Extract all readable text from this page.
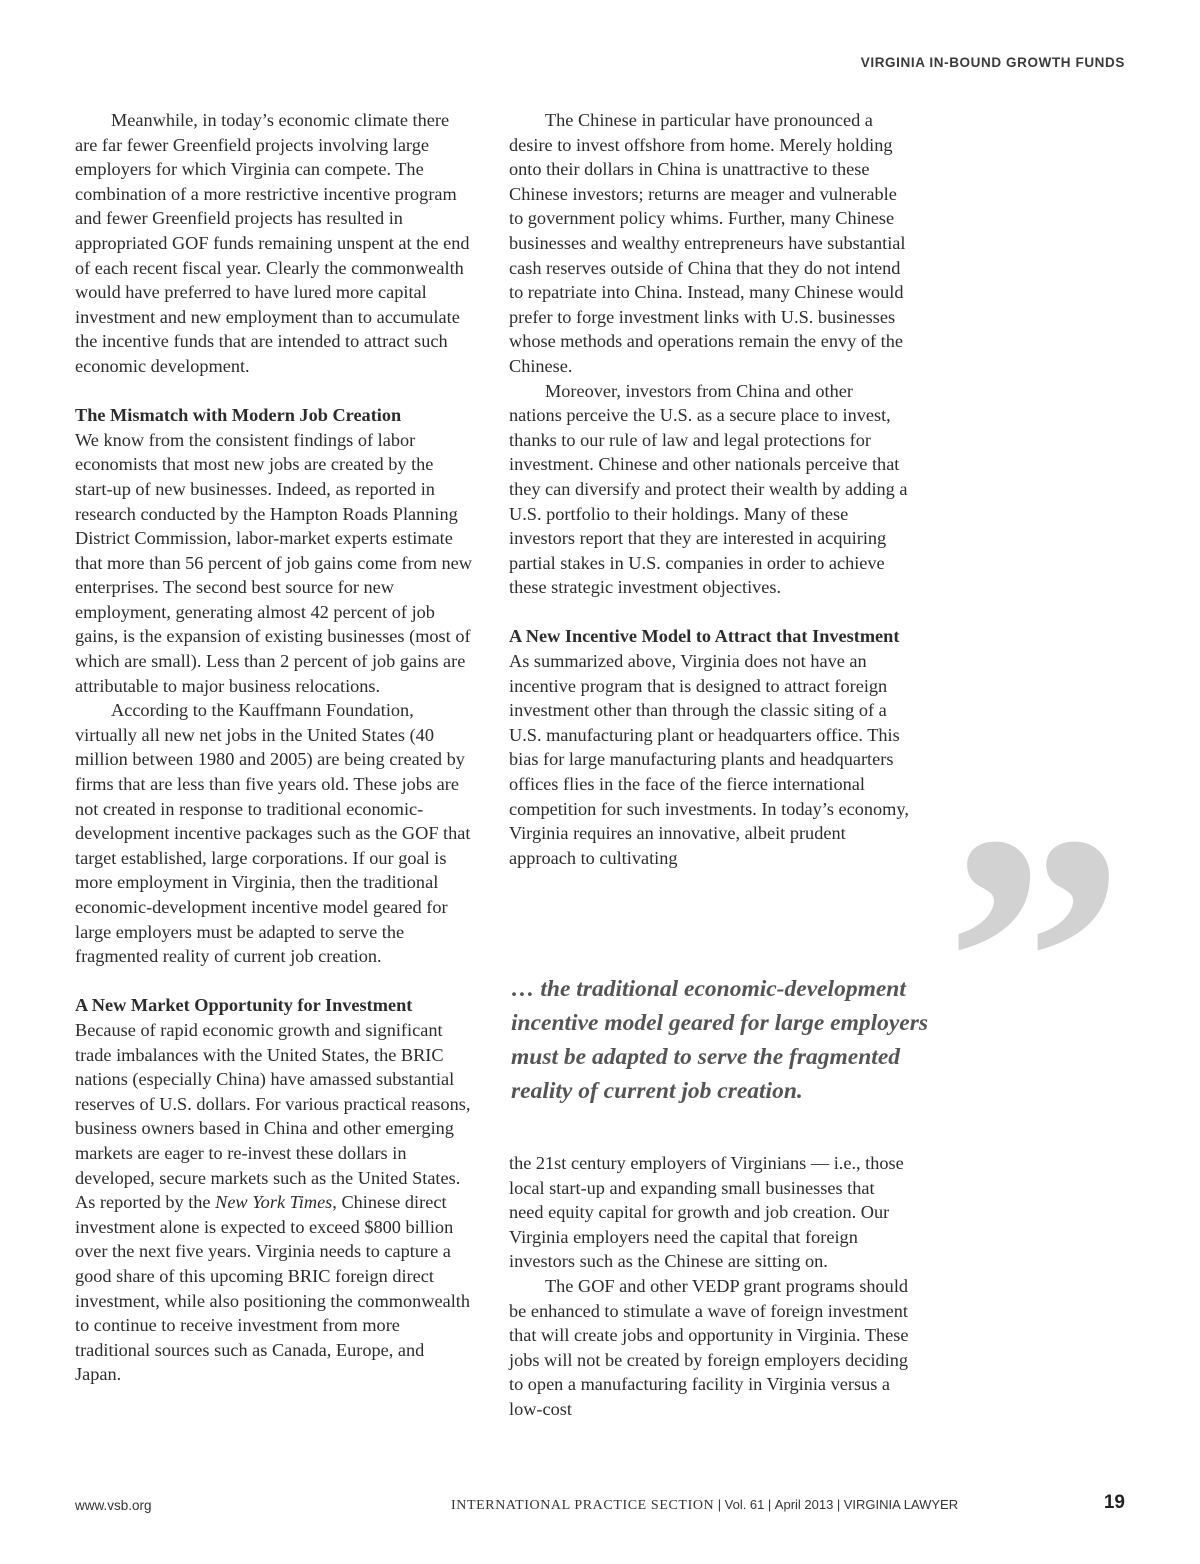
VIRGINIA IN-BOUND GROWTH FUNDS

Meanwhile, in today’s economic climate there are far fewer Greenfield projects involving large employers for which Virginia can compete. The combination of a more restrictive incentive program and fewer Greenfield projects has resulted in appropriated GOF funds remaining unspent at the end of each recent fiscal year. Clearly the commonwealth would have preferred to have lured more capital investment and new employment than to accumulate the incentive funds that are intended to attract such economic development.

The Mismatch with Modern Job Creation

We know from the consistent findings of labor economists that most new jobs are created by the start-up of new businesses. Indeed, as reported in research conducted by the Hampton Roads Planning District Commission, labor-market experts estimate that more than 56 percent of job gains come from new enterprises. The second best source for new employment, generating almost 42 percent of job gains, is the expansion of existing businesses (most of which are small). Less than 2 percent of job gains are attributable to major business relocations.

According to the Kauffmann Foundation, virtually all new net jobs in the United States (40 million between 1980 and 2005) are being created by firms that are less than five years old. These jobs are not created in response to traditional economic-development incentive packages such as the GOF that target established, large corporations. If our goal is more employment in Virginia, then the traditional economic-development incentive model geared for large employers must be adapted to serve the fragmented reality of current job creation.

A New Market Opportunity for Investment

Because of rapid economic growth and significant trade imbalances with the United States, the BRIC nations (especially China) have amassed substantial reserves of U.S. dollars. For various practical reasons, business owners based in China and other emerging markets are eager to re-invest these dollars in developed, secure markets such as the United States. As reported by the New York Times, Chinese direct investment alone is expected to exceed $800 billion over the next five years. Virginia needs to capture a good share of this upcoming BRIC foreign direct investment, while also positioning the commonwealth to continue to receive investment from more traditional sources such as Canada, Europe, and Japan.

The Chinese in particular have pronounced a desire to invest offshore from home. Merely holding onto their dollars in China is unattractive to these Chinese investors; returns are meager and vulnerable to government policy whims. Further, many Chinese businesses and wealthy entrepreneurs have substantial cash reserves outside of China that they do not intend to repatriate into China. Instead, many Chinese would prefer to forge investment links with U.S. businesses whose methods and operations remain the envy of the Chinese.

Moreover, investors from China and other nations perceive the U.S. as a secure place to invest, thanks to our rule of law and legal protections for investment. Chinese and other nationals perceive that they can diversify and protect their wealth by adding a U.S. portfolio to their holdings. Many of these investors report that they are interested in acquiring partial stakes in U.S. companies in order to achieve these strategic investment objectives.

A New Incentive Model to Attract that Investment

As summarized above, Virginia does not have an incentive program that is designed to attract foreign investment other than through the classic siting of a U.S. manufacturing plant or headquarters office. This bias for large manufacturing plants and headquarters offices flies in the face of the fierce international competition for such investments. In today’s economy, Virginia requires an innovative, albeit prudent approach to cultivating ”

… the traditional economic-development incentive model geared for large employers must be adapted to serve the fragmented reality of current job creation.

the 21st century employers of Virginians — i.e., those local start-up and expanding small businesses that need equity capital for growth and job creation. Our Virginia employers need the capital that foreign investors such as the Chinese are sitting on.

The GOF and other VEDP grant programs should be enhanced to stimulate a wave of foreign investment that will create jobs and opportunity in Virginia. These jobs will not be created by foreign employers deciding to open a manufacturing facility in Virginia versus a low-cost

www.vsb.org	INTERNATIONAL PRACTICE SECTION | Vol. 61 | April 2013 | VIRGINIA LAWYER	19
